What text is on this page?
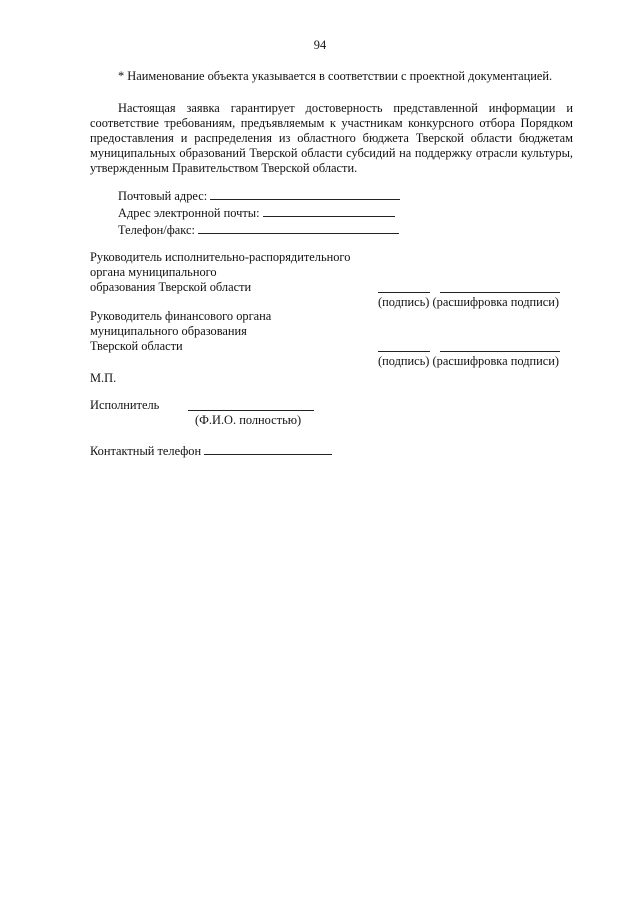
94
* Наименование объекта указывается в соответствии с проектной документацией.
Настоящая заявка гарантирует достоверность представленной информации и
соответствие требованиям, предъявляемым к участникам конкурсного отбора Порядком
предоставления и распределения из областного бюджета Тверской области бюджетам
муниципальных образований Тверской области субсидий на поддержку отрасли культуры,
утвержденным Правительством Тверской области.
Почтовый адрес:
Адрес электронной почты:
Телефон/факс:
Руководитель исполнительно-распорядительного
органа муниципального
образования Тверской области
(подпись) (расшифровка подписи)
Руководитель финансового органа
муниципального образования
Тверской области
(подпись) (расшифровка подписи)
М.П.
Исполнитель
(Ф.И.О. полностью)
Контактный телефон
